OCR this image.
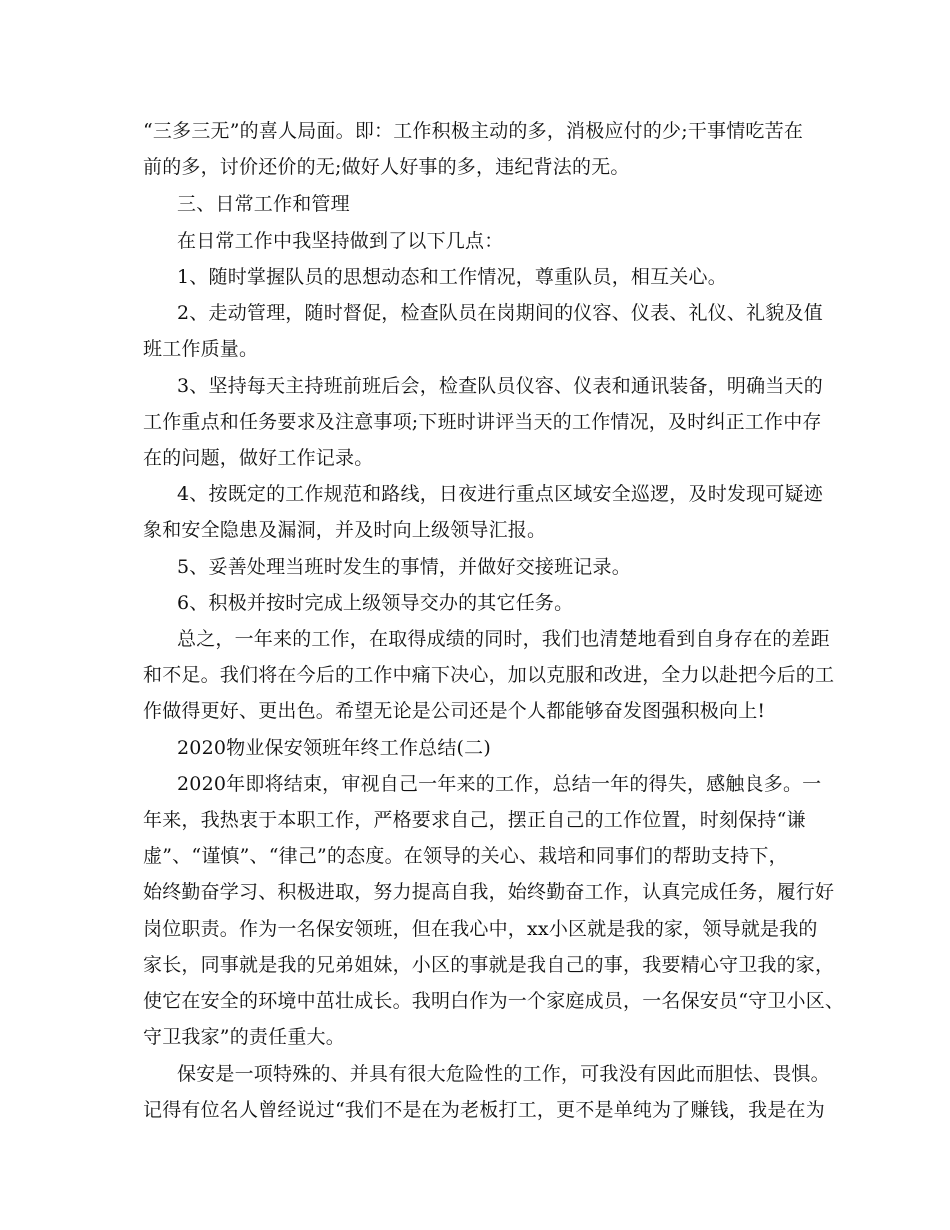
“三多三无”的喜人局面。即：工作积极主动的多，消极应付的少;干事情吃苦在
前的多，讨价还价的无;做好人好事的多，违纪背法的无。
三、日常工作和管理
在日常工作中我坚持做到了以下几点：
1、随时掌握队员的思想动态和工作情况，尊重队员，相互关心。
2、走动管理，随时督促，检查队员在岗期间的仪容、仪表、礼仪、礼貌及值
班工作质量。
3、坚持每天主持班前班后会，检查队员仪容、仪表和通讯装备，明确当天的
工作重点和任务要求及注意事项;下班时讲评当天的工作情况，及时纠正工作中存
在的问题，做好工作记录。
4、按既定的工作规范和路线，日夜进行重点区域安全巡逻，及时发现可疑迹
象和安全隐患及漏洞，并及时向上级领导汇报。
5、妥善处理当班时发生的事情，并做好交接班记录。
6、积极并按时完成上级领导交办的其它任务。
总之，一年来的工作，在取得成绩的同时，我们也清楚地看到自身存在的差距
和不足。我们将在今后的工作中痛下决心，加以克服和改进，全力以赴把今后的工
作做得更好、更出色。希望无论是公司还是个人都能够奋发图强积极向上!
2020物业保安领班年终工作总结(二)
2020年即将结束，审视自己一年来的工作，总结一年的得失，感触良多。一
年来，我热衷于本职工作，严格要求自己，摆正自己的工作位置，时刻保持“谦
虚”、“谨慎”、“律己”的态度。在领导的关心、栽培和同事们的帮助支持下，
始终勤奋学习、积极进取，努力提高自我，始终勤奋工作，认真完成任务，履行好
岗位职责。作为一名保安领班，但在我心中，xx小区就是我的家，领导就是我的
家长，同事就是我的兄弟姐妹，小区的事就是我自己的事，我要精心守卫我的家，
使它在安全的环境中茁壮成长。我明白作为一个家庭成员，一名保安员“守卫小区、
守卫我家”的责任重大。
保安是一项特殊的、并具有很大危险性的工作，可我没有因此而胆怯、畏惧。
记得有位名人曾经说过“我们不是在为老板打工，更不是单纯为了赚钱，我是在为
